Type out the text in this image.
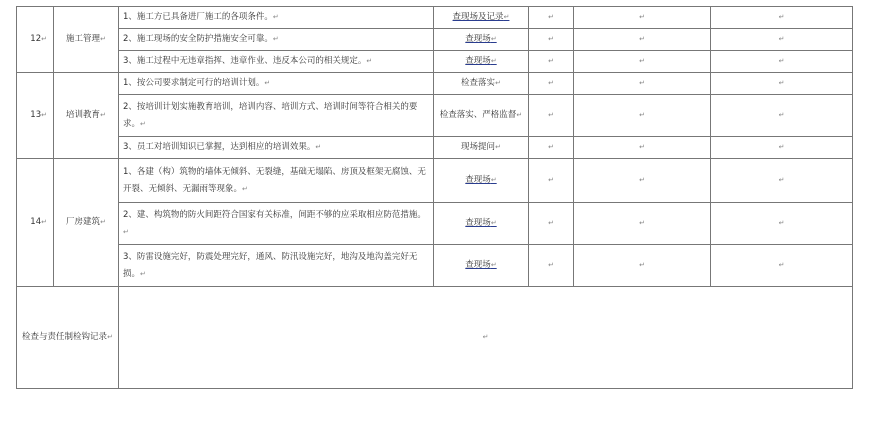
12↵	施工管理↵	1、施工方已具备进厂施工的各项条件。↵	查现场及记录↵	↵	↵	↵
		2、施工现场的安全防护措施安全可靠。↵	查现场↵	↵	↵	↵
		3、施工过程中无违章指挥、违章作业、违反本公司的相关规定。↵	查现场↵	↵	↵	↵
13↵	培训教育↵	1、按公司要求制定可行的培训计划。↵	检查落实↵	↵	↵	↵
		2、按培训计划实施教育培训，培训内容、培训方式、培训时间等符合相关的要求。↵	检查落实、严格监督↵	↵	↵	↵
		3、员工对培训知识已掌握，达到相应的培训效果。↵	现场提问↵	↵	↵	↵
14↵	厂房建筑↵	1、各建（构）筑物的墙体无倾斜、无裂缝，基础无塌陷、房顶及框架无腐蚀、无开裂、无倾斜、无漏雨等现象。↵	查现场↵	↵	↵	↵
		2、建、构筑物的防火间距符合国家有关标准，间距不够的应采取相应防范措施。↵	查现场↵	↵	↵	↵
		3、防雷设施完好，防震处理完好，通风、防汛设施完好，地沟及地沟盖完好无损。↵	查现场↵	↵	↵	↵
检查与责任制检钩记录↵		↵				
